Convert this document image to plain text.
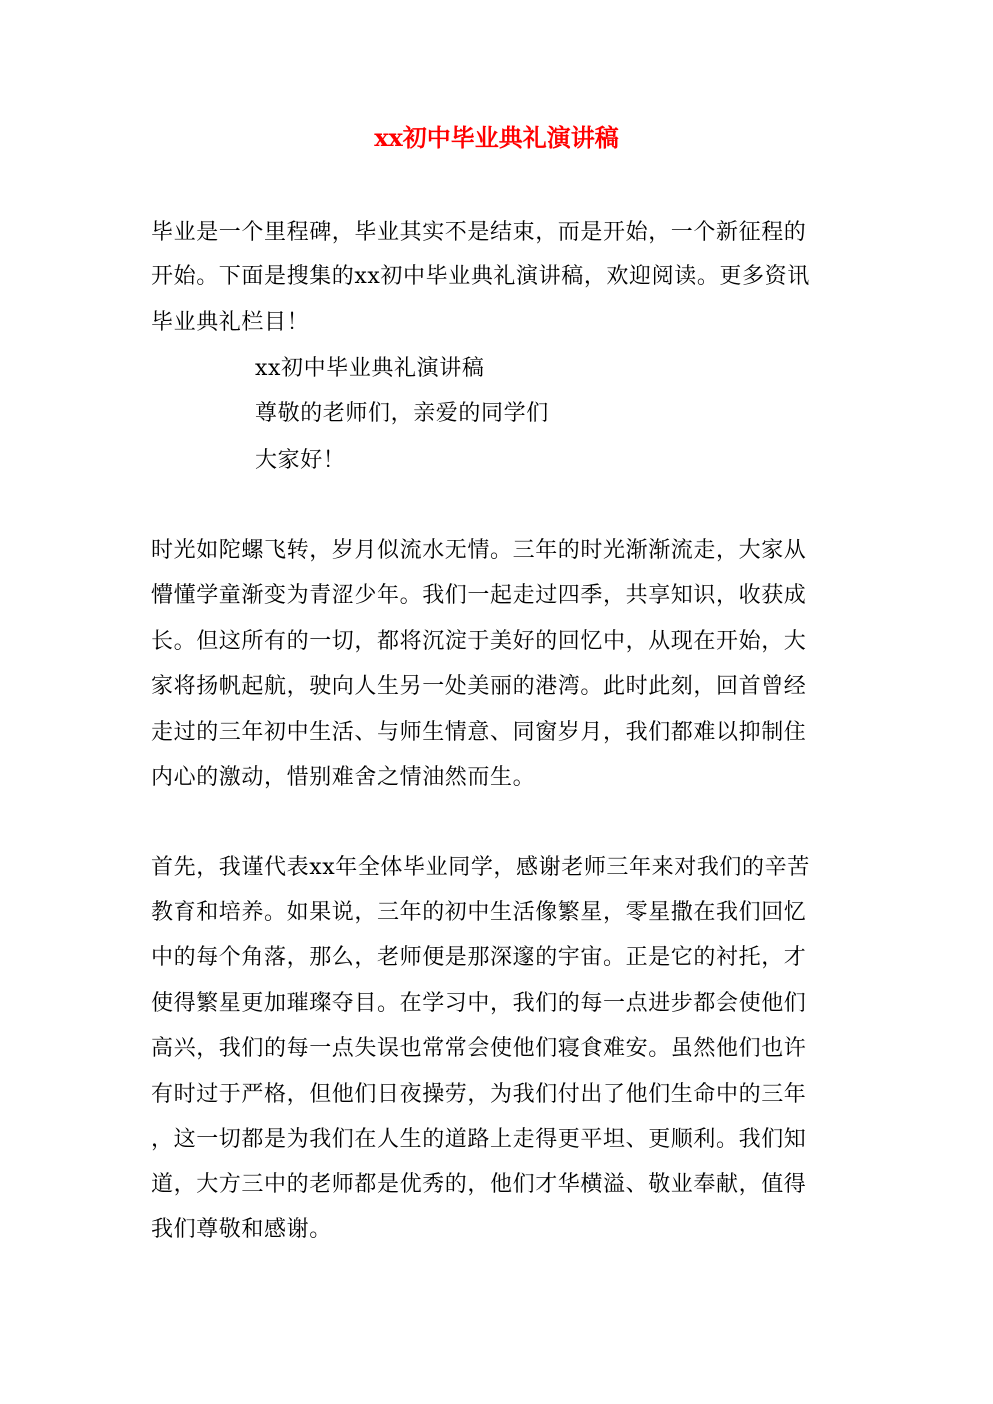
xx初中毕业典礼演讲稿
毕业是一个里程碑，毕业其实不是结束，而是开始，一个新征程的
开始。下面是搜集的xx初中毕业典礼演讲稿，欢迎阅读。更多资讯
毕业典礼栏目！
xx初中毕业典礼演讲稿
尊敬的老师们，亲爱的同学们
大家好！
时光如陀螺飞转，岁月似流水无情。三年的时光渐渐流走，大家从
懵懂学童渐变为青涩少年。我们一起走过四季，共享知识，收获成
长。但这所有的一切，都将沉淀于美好的回忆中，从现在开始，大
家将扬帆起航，驶向人生另一处美丽的港湾。此时此刻，回首曾经
走过的三年初中生活、与师生情意、同窗岁月，我们都难以抑制住
内心的激动，惜别难舍之情油然而生。
首先，我谨代表xx年全体毕业同学，感谢老师三年来对我们的辛苦
教育和培养。如果说，三年的初中生活像繁星，零星撒在我们回忆
中的每个角落，那么，老师便是那深邃的宇宙。正是它的衬托，才
使得繁星更加璀璨夺目。在学习中，我们的每一点进步都会使他们
高兴，我们的每一点失误也常常会使他们寝食难安。虽然他们也许
有时过于严格，但他们日夜操劳，为我们付出了他们生命中的三年
，这一切都是为我们在人生的道路上走得更平坦、更顺利。我们知
道，大方三中的老师都是优秀的，他们才华横溢、敬业奉献，值得
我们尊敬和感谢。
